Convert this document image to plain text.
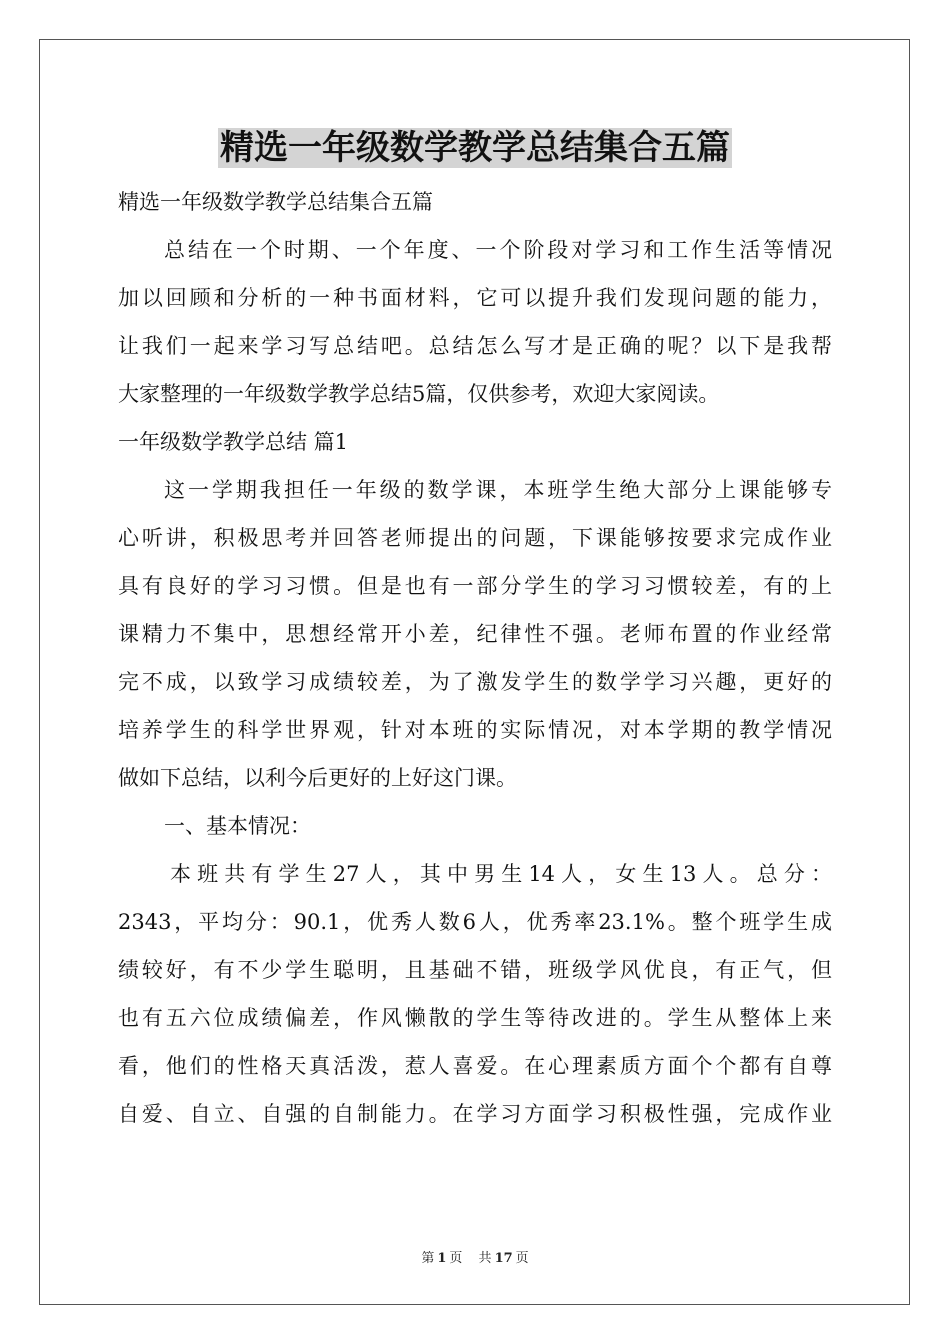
精选一年级数学教学总结集合五篇
精选一年级数学教学总结集合五篇
总结在一个时期、一个年度、一个阶段对学习和工作生活等情况
加以回顾和分析的一种书面材料，它可以提升我们发现问题的能力，
让我们一起来学习写总结吧。总结怎么写才是正确的呢？以下是我帮
大家整理的一年级数学教学总结5篇，仅供参考，欢迎大家阅读。
一年级数学教学总结 篇1
这一学期我担任一年级的数学课，本班学生绝大部分上课能够专
心听讲，积极思考并回答老师提出的问题，下课能够按要求完成作业
具有良好的学习习惯。但是也有一部分学生的学习习惯较差，有的上
课精力不集中，思想经常开小差，纪律性不强。老师布置的作业经常
完不成，以致学习成绩较差，为了激发学生的数学学习兴趣，更好的
培养学生的科学世界观，针对本班的实际情况，对本学期的教学情况
做如下总结，以利今后更好的上好这门课。
一、基本情况：
本班共有学生27人，其中男生14人，女生13人。总分：
2343，平均分：90.1，优秀人数6人，优秀率23.1%。整个班学生成
绩较好，有不少学生聪明，且基础不错，班级学风优良，有正气，但
也有五六位成绩偏差，作风懒散的学生等待改进的。学生从整体上来
看，他们的性格天真活泼，惹人喜爱。在心理素质方面个个都有自尊
自爱、自立、自强的自制能力。在学习方面学习积极性强，完成作业
第 1 页 共 17 页
